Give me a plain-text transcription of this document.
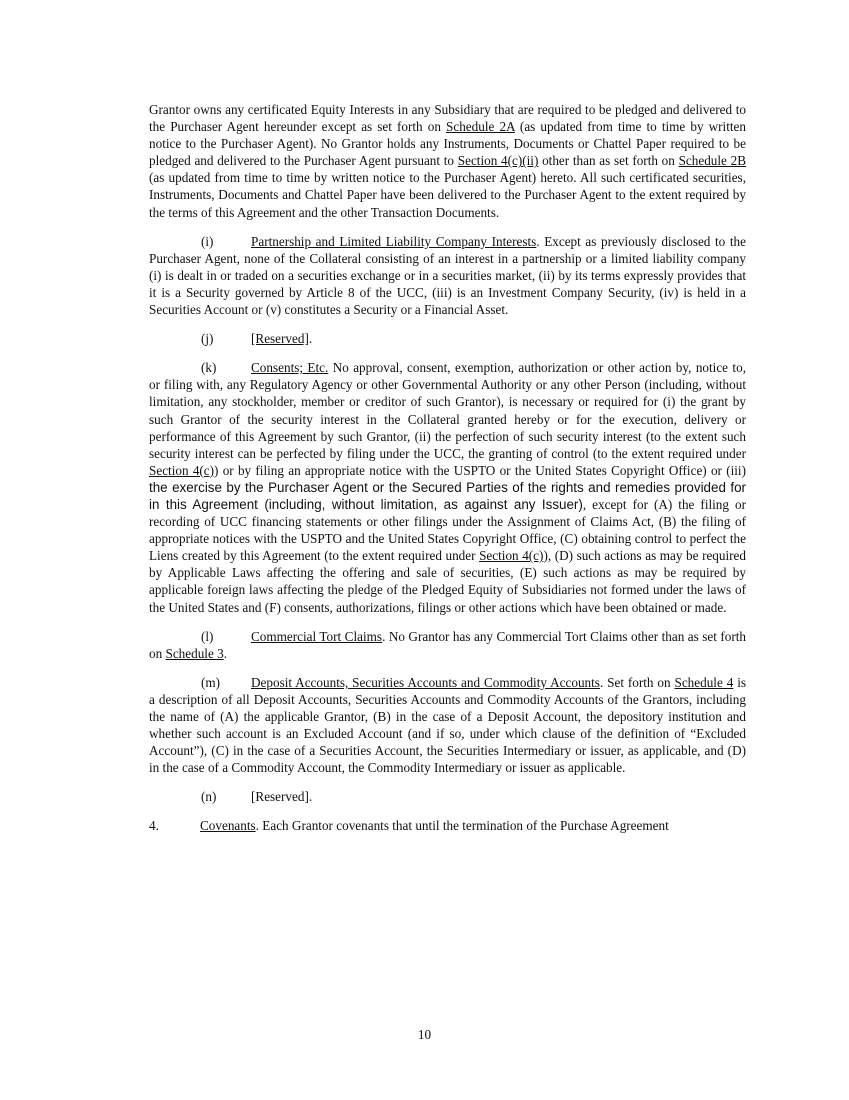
Grantor owns any certificated Equity Interests in any Subsidiary that are required to be pledged and delivered to the Purchaser Agent hereunder except as set forth on Schedule 2A (as updated from time to time by written notice to the Purchaser Agent). No Grantor holds any Instruments, Documents or Chattel Paper required to be pledged and delivered to the Purchaser Agent pursuant to Section 4(c)(ii) other than as set forth on Schedule 2B (as updated from time to time by written notice to the Purchaser Agent) hereto. All such certificated securities, Instruments, Documents and Chattel Paper have been delivered to the Purchaser Agent to the extent required by the terms of this Agreement and the other Transaction Documents.

(i)	Partnership and Limited Liability Company Interests. Except as previously disclosed to the Purchaser Agent, none of the Collateral consisting of an interest in a partnership or a limited liability company (i) is dealt in or traded on a securities exchange or in a securities market, (ii) by its terms expressly provides that it is a Security governed by Article 8 of the UCC, (iii) is an Investment Company Security, (iv) is held in a Securities Account or (v) constitutes a Security or a Financial Asset.

(j)	[Reserved].

(k)	Consents; Etc. No approval, consent, exemption, authorization or other action by, notice to, or filing with, any Regulatory Agency or other Governmental Authority or any other Person (including, without limitation, any stockholder, member or creditor of such Grantor), is necessary or required for (i) the grant by such Grantor of the security interest in the Collateral granted hereby or for the execution, delivery or performance of this Agreement by such Grantor, (ii) the perfection of such security interest (to the extent such security interest can be perfected by filing under the UCC, the granting of control (to the extent required under Section 4(c)) or by filing an appropriate notice with the USPTO or the United States Copyright Office) or (iii) the exercise by the Purchaser Agent or the Secured Parties of the rights and remedies provided for in this Agreement (including, without limitation, as against any Issuer), except for (A) the filing or recording of UCC financing statements or other filings under the Assignment of Claims Act, (B) the filing of appropriate notices with the USPTO and the United States Copyright Office, (C) obtaining control to perfect the Liens created by this Agreement (to the extent required under Section 4(c)), (D) such actions as may be required by Applicable Laws affecting the offering and sale of securities, (E) such actions as may be required by applicable foreign laws affecting the pledge of the Pledged Equity of Subsidiaries not formed under the laws of the United States and (F) consents, authorizations, filings or other actions which have been obtained or made.

(l)	Commercial Tort Claims. No Grantor has any Commercial Tort Claims other than as set forth on Schedule 3.

(m) Deposit Accounts, Securities Accounts and Commodity Accounts. Set forth on Schedule 4 is a description of all Deposit Accounts, Securities Accounts and Commodity Accounts of the Grantors, including the name of (A) the applicable Grantor, (B) in the case of a Deposit Account, the depository institution and whether such account is an Excluded Account (and if so, under which clause of the definition of “Excluded Account”), (C) in the case of a Securities Account, the Securities Intermediary or issuer, as applicable, and (D) in the case of a Commodity Account, the Commodity Intermediary or issuer as applicable.

(n)	[Reserved].

4.	Covenants. Each Grantor covenants that until the termination of the Purchase Agreement

10
